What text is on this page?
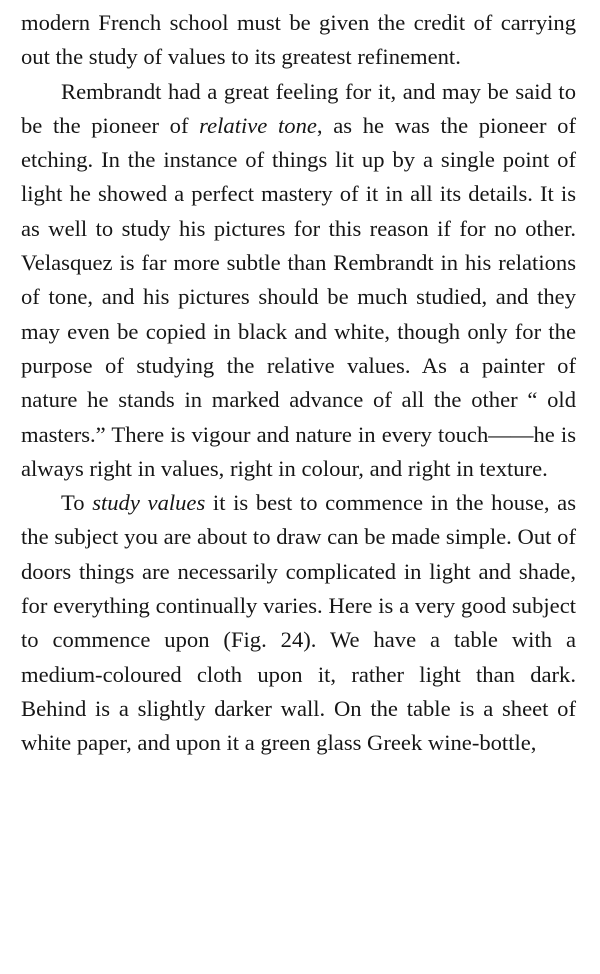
modern French school must be given the credit of carrying out the study of values to its greatest refinement.

Rembrandt had a great feeling for it, and may be said to be the pioneer of relative tone, as he was the pioneer of etching. In the instance of things lit up by a single point of light he showed a perfect mastery of it in all its details. It is as well to study his pictures for this reason if for no other. Velasquez is far more subtle than Rembrandt in his relations of tone, and his pictures should be much studied, and they may even be copied in black and white, though only for the purpose of studying the relative values. As a painter of nature he stands in marked advance of all the other “ old masters.” There is vigour and nature in every touch——he is always right in values, right in colour, and right in texture.

To study values it is best to commence in the house, as the subject you are about to draw can be made simple. Out of doors things are necessarily complicated in light and shade, for everything continually varies. Here is a very good subject to commence upon (Fig. 24). We have a table with a medium-coloured cloth upon it, rather light than dark. Behind is a slightly darker wall. On the table is a sheet of white paper, and upon it a green glass Greek wine-bottle,
